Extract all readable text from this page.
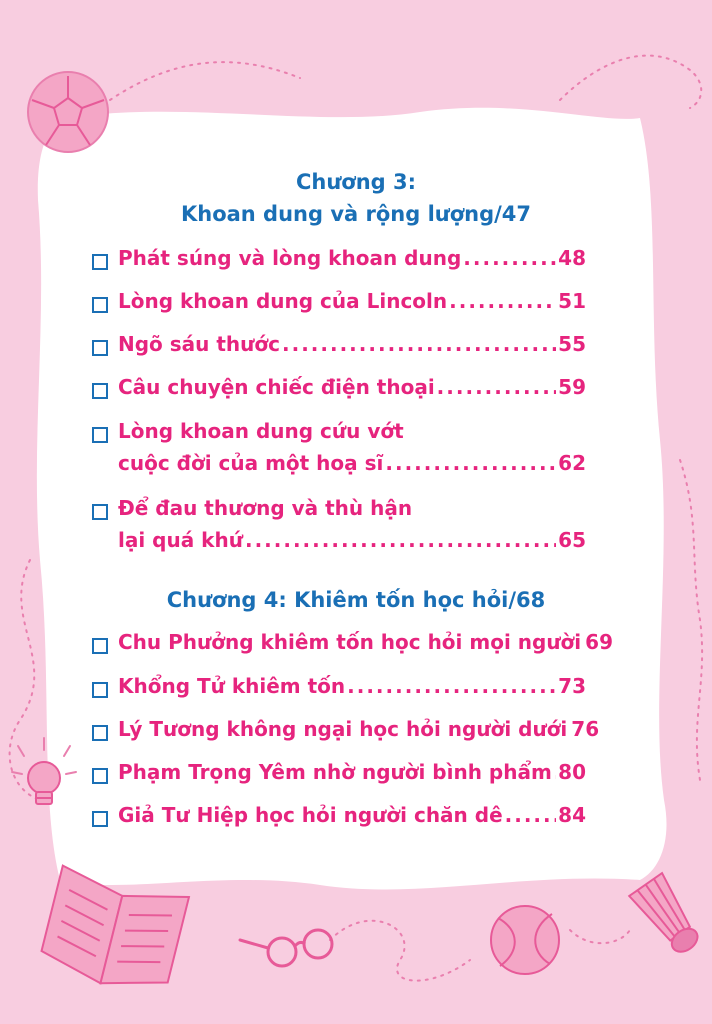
Chương 3:
Khoan dung và rộng lượng/47
Phát súng và lòng khoan dung .....	48
Lòng khoan dung của Lincoln .....	51
Ngõ sáu thước .....	55
Câu chuyện chiếc điện thoại .....	59
Lòng khoan dung cứu vớt
cuộc đời của một hoạ sĩ .....	62
Để đau thương và thù hận
lại quá khứ .....	65
Chương 4: Khiêm tốn học hỏi/68
Chu Phưởng khiêm tốn học hỏi mọi người 69
Khổng Tử khiêm tốn .....	73
Lý Tương không ngại học hỏi người dưới 76
Phạm Trọng Yêm nhờ người bình phẩm ..... 80
Giả Tư Hiệp học hỏi người chăn dê .....	84
